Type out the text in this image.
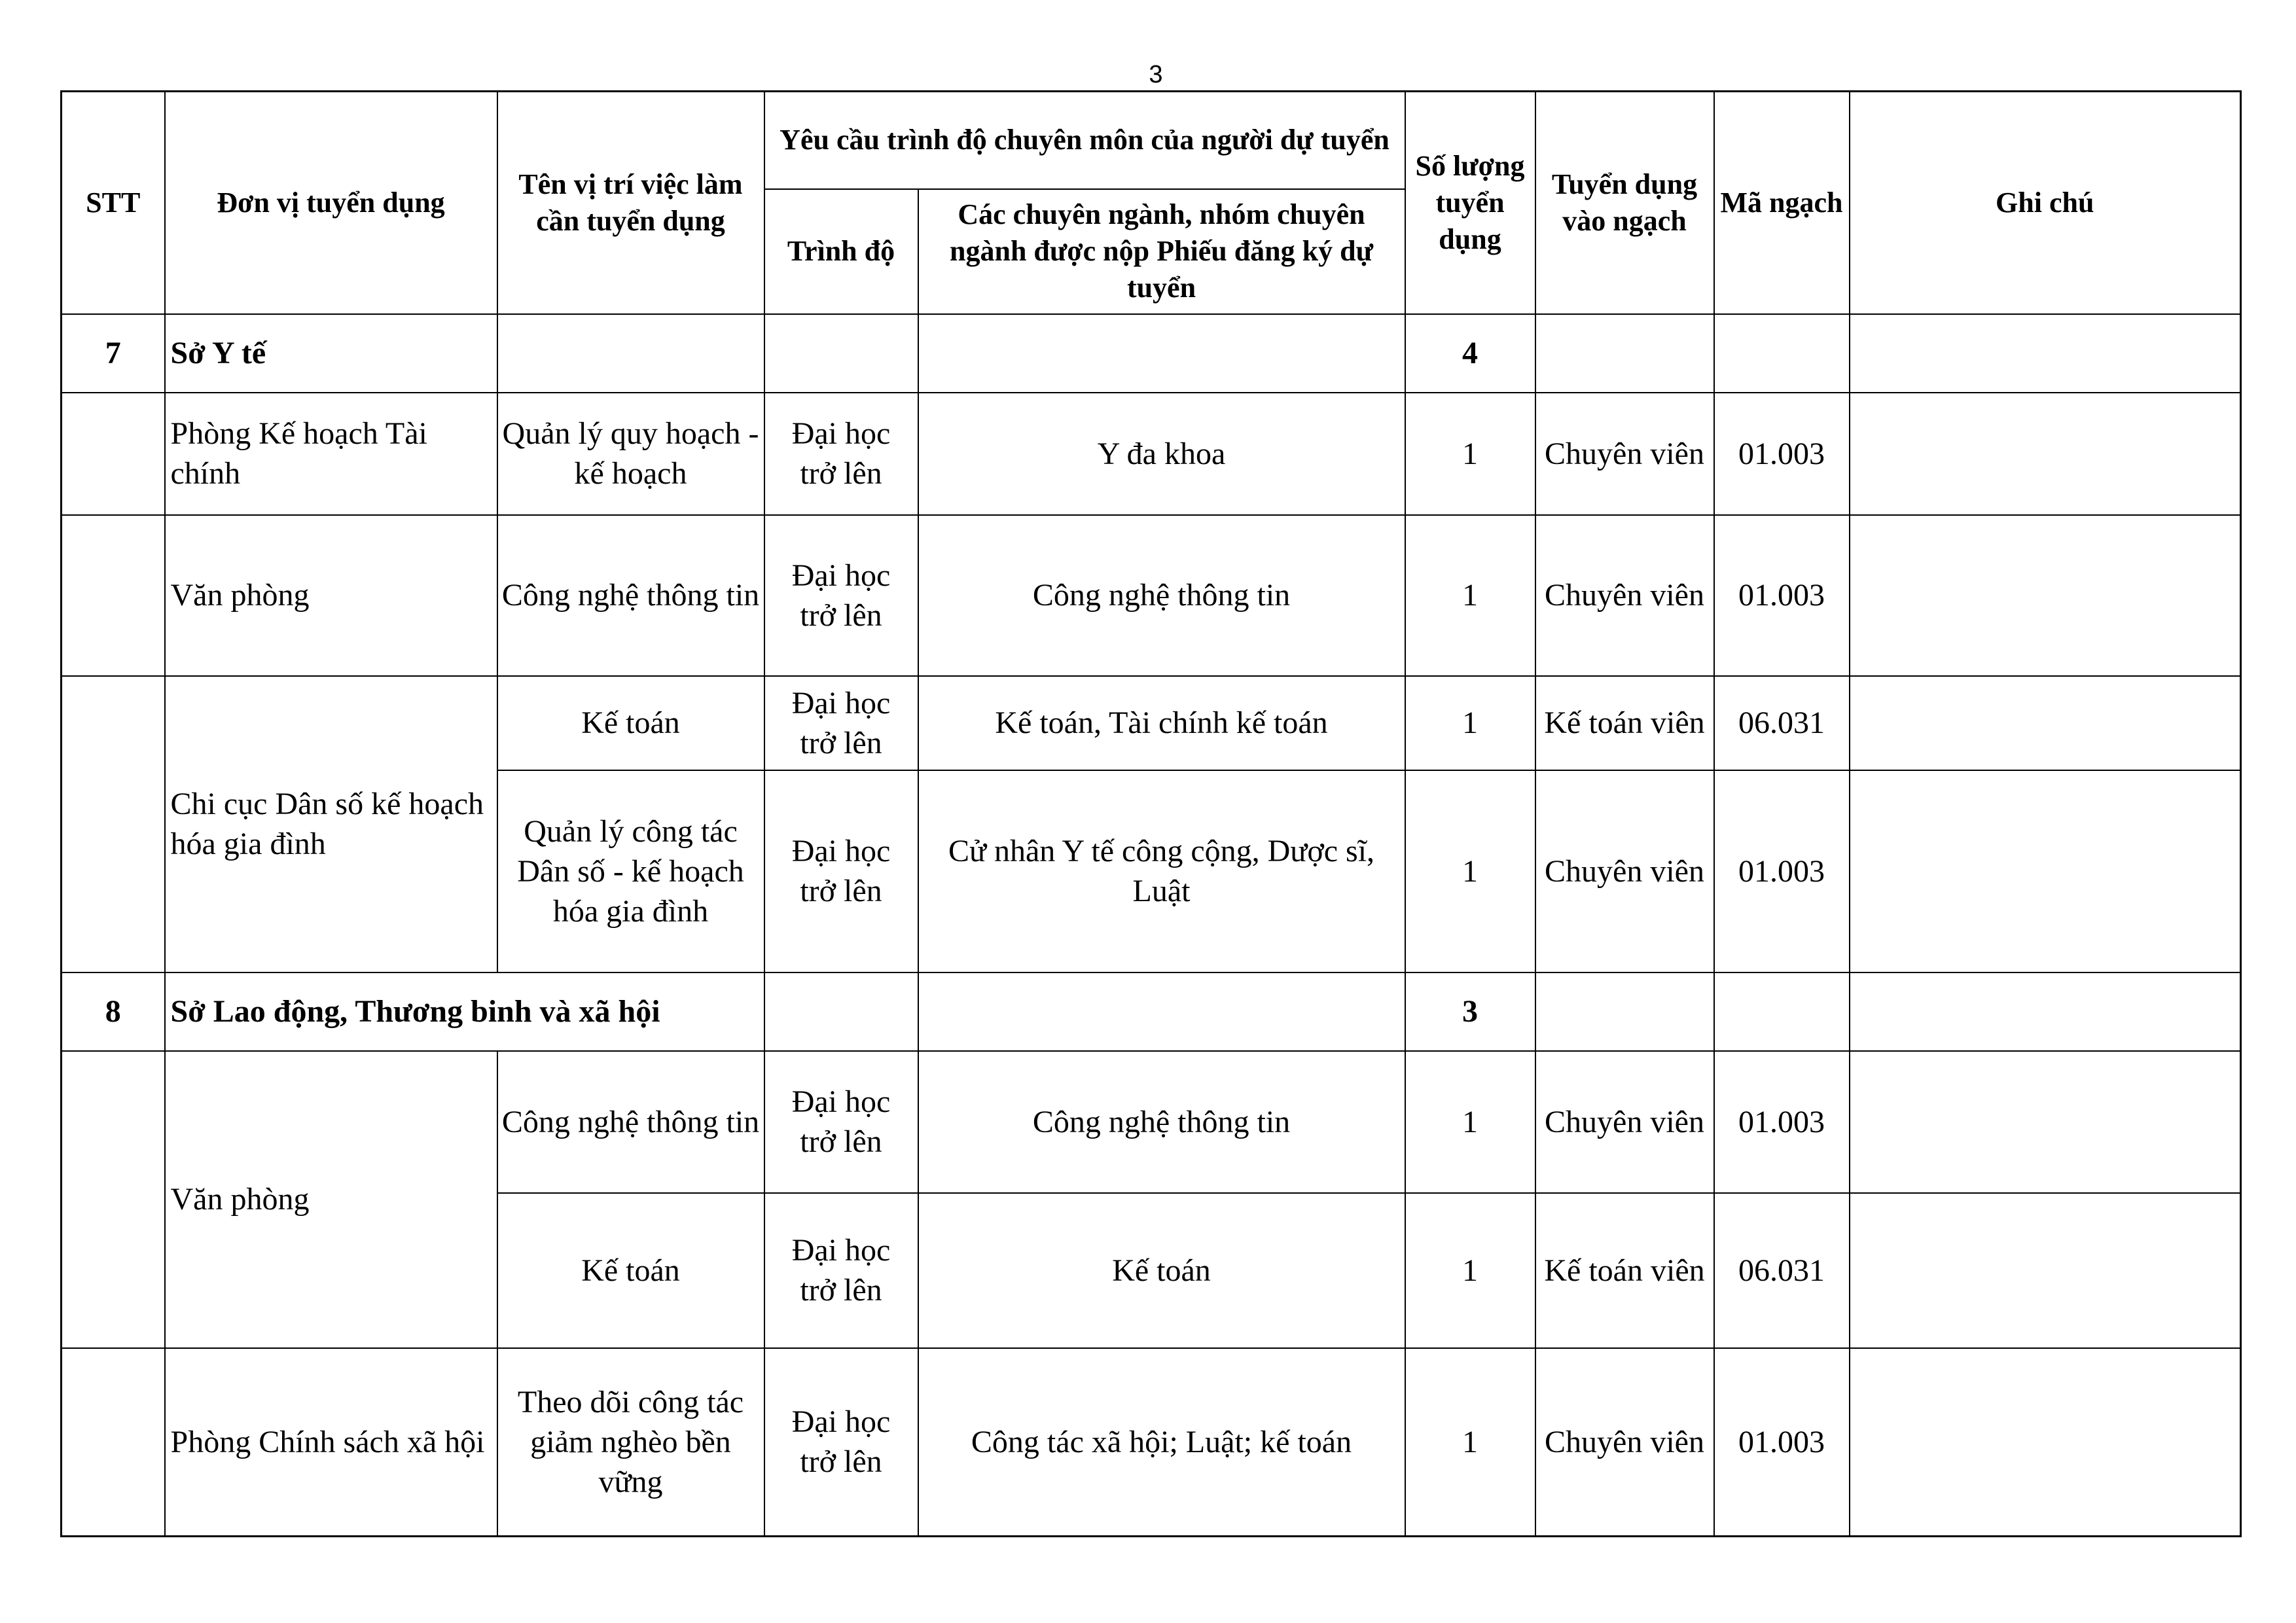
3
STT	Đơn vị tuyển dụng	Tên vị trí việc làm cần tuyển dụng	Yêu cầu trình độ chuyên môn của người dự tuyển		Số lượng tuyển dụng	Tuyển dụng vào ngạch	Mã ngạch	Ghi chú
			Trình độ	Các chuyên ngành, nhóm chuyên ngành được nộp Phiếu đăng ký dự tuyển				
7	Sở Y tế				4			
	Phòng Kế hoạch Tài chính	Quản lý quy hoạch - kế hoạch	Đại học trở lên	Y đa khoa	1	Chuyên viên	01.003	
	Văn phòng	Công nghệ thông tin	Đại học trở lên	Công nghệ thông tin	1	Chuyên viên	01.003	
	Chi cục Dân số kế hoạch hóa gia đình	Kế toán	Đại học trở lên	Kế toán, Tài chính kế toán	1	Kế toán viên	06.031	
		Quản lý công tác Dân số - kế hoạch hóa gia đình	Đại học trở lên	Cử nhân Y tế công cộng, Dược sĩ, Luật	1	Chuyên viên	01.003	
8	Sở Lao động, Thương binh và xã hội				3			
	Văn phòng	Công nghệ thông tin	Đại học trở lên	Công nghệ thông tin	1	Chuyên viên	01.003	
		Kế toán	Đại học trở lên	Kế toán	1	Kế toán viên	06.031	
	Phòng Chính sách xã hội	Theo dõi công tác giảm nghèo bền vững	Đại học trở lên	Công tác xã hội; Luật; kế toán	1	Chuyên viên	01.003	
